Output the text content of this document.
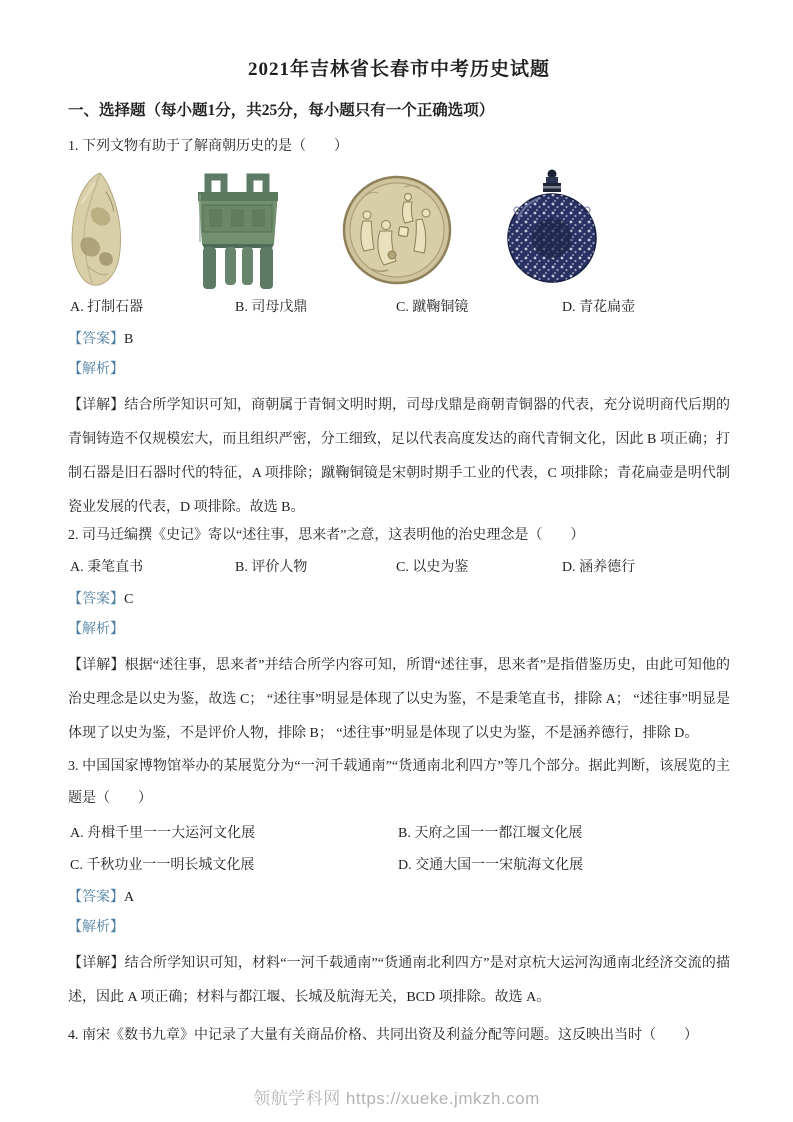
2021年吉林省长春市中考历史试题
一、选择题（每小题1分，共25分，每小题只有一个正确选项）

1. 下列文物有助于了解商朝历史的是（　　）

A. 打制石器	B. 司母戊鼎	C. 蹴鞠铜镜	D. 青花扁壶

【答案】B

【解析】

【详解】结合所学知识可知，商朝属于青铜文明时期，司母戊鼎是商朝青铜器的代表，充分说明商代后期的青铜铸造不仅规模宏大，而且组织严密，分工细致，足以代表高度发达的商代青铜文化，因此 B 项正确；打制石器是旧石器时代的特征，A 项排除；蹴鞠铜镜是宋朝时期手工业的代表，C 项排除；青花扁壶是明代制瓷业发展的代表，D 项排除。故选 B。

2. 司马迁编撰《史记》寄以“述往事，思来者”之意，这表明他的治史理念是（　　）

A. 秉笔直书	B. 评价人物	C. 以史为鉴	D. 涵养德行

【答案】C

【解析】

【详解】根据“述往事，思来者”并结合所学内容可知，所谓“述往事，思来者”是指借鉴历史，由此可知他的治史理念是以史为鉴，故选 C； “述往事”明显是体现了以史为鉴，不是秉笔直书，排除 A； “述往事”明显是体现了以史为鉴，不是评价人物，排除 B； “述往事”明显是体现了以史为鉴，不是涵养德行，排除 D。

3. 中国国家博物馆举办的某展览分为“一河千载通南”“货通南北利四方”等几个部分。据此判断，该展览的主题是（　　）

A. 舟楫千里一一大运河文化展	B. 天府之国一一都江堰文化展
C. 千秋功业一一明长城文化展	D. 交通大国一一宋航海文化展

【答案】A

【解析】

【详解】结合所学知识可知，材料“一河千载通南”“货通南北利四方”是对京杭大运河沟通南北经济交流的描述，因此 A 项正确；材料与都江堰、长城及航海无关，BCD 项排除。故选 A。

4. 南宋《数书九章》中记录了大量有关商品价格、共同出资及利益分配等问题。这反映出当时（　　）

领航学科网 https://xueke.jmkzh.com
